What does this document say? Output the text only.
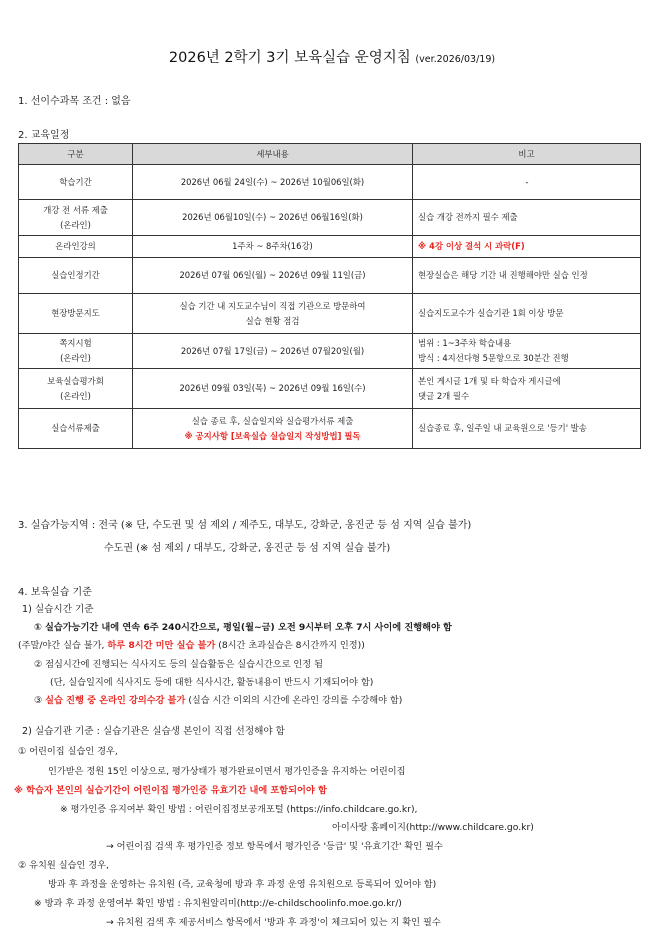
2026년 2학기 3기 보육실습 운영지침 (ver.2026/03/19)
1. 선이수과목 조건 : 없음
2. 교육일정
구분	세부내용	비고

학습기간	2026년 06월 24일(수) ~ 2026년 10월06일(화)	-

개강 전 서류 제출
(온라인)	2026년 06월10일(수) ~ 2026년 06월16일(화)	실습 개강 전까지 필수 제출

온라인강의	1주차 ~ 8주차(16강)	※ 4강 이상 결석 시 과락(F)

실습인정기간	2026년 07월 06일(월) ~ 2026년 09월 11일(금)	현장실습은 해당 기간 내 진행해야만 실습 인정

현장방문지도	실습 기간 내 지도교수님이 직접 기관으로 방문하여
실습 현황 점검	실습지도교수가 실습기관 1회 이상 방문

쪽지시험
(온라인)	2026년 07월 17일(금) ~ 2026년 07월20일(월)	범위 : 1~3주차 학습내용
방식 : 4지선다형 5문항으로 30분간 진행

보육실습평가회
(온라인)	2026년 09월 03일(목) ~ 2026년 09월 16일(수)	본인 게시글 1개 및 타 학습자 게시글에
댓글 2개 필수

실습서류제출	실습 종료 후, 실습일지와 실습평가서류 제출
※ 공지사항 [보육실습 실습일지 작성방법] 필독	실습종료 후, 일주일 내 교육원으로 '등기' 발송
3. 실습가능지역 : 전국 (※ 단, 수도권 및 섬 제외 / 제주도, 대부도, 강화군, 옹진군 등 섬 지역 실습 불가)
수도권 (※ 섬 제외 / 대부도, 강화군, 옹진군 등 섬 지역 실습 불가)
4. 보육실습 기준
1) 실습시간 기준
① 실습가능기간 내에 연속 6주 240시간으로, 평일(월~금) 오전 9시부터 오후 7시 사이에 진행해야 함
(주말/야간 실습 불가, 하루 8시간 미만 실습 불가 (8시간 초과실습은 8시간까지 인정))
② 점심시간에 진행되는 식사지도 등의 실습활동은 실습시간으로 인정 됨
(단, 실습일지에 식사지도 등에 대한 식사시간, 활동내용이 반드시 기재되어야 함)
③ 실습 진행 중 온라인 강의수강 불가 (실습 시간 이외의 시간에 온라인 강의를 수강해야 함)
2) 실습기관 기준 : 실습기관은 실습생 본인이 직접 선정해야 함
① 어린이집 실습인 경우,
인가받은 정원 15인 이상으로, 평가상태가 평가완료이면서 평가인증을 유지하는 어린이집
※ 학습자 본인의 실습기간이 어린이집 평가인증 유효기간 내에 포함되어야 함
※ 평가인증 유지여부 확인 방법 : 어린이집정보공개포털 (https://info.childcare.go.kr),
아이사랑 홈페이지(http://www.childcare.go.kr)
→ 어린이집 검색 후 평가인증 정보 항목에서 평가인증 '등급' 및 '유효기간' 확인 필수
② 유치원 실습인 경우,
방과 후 과정을 운영하는 유치원 (즉, 교육청에 방과 후 과정 운영 유치원으로 등록되어 있어야 함)
※ 방과 후 과정 운영여부 확인 방법 : 유치원알리미(http://e-childschoolinfo.moe.go.kr/)
→ 유치원 검색 후 제공서비스 항목에서 '방과 후 과정'이 체크되어 있는 지 확인 필수
